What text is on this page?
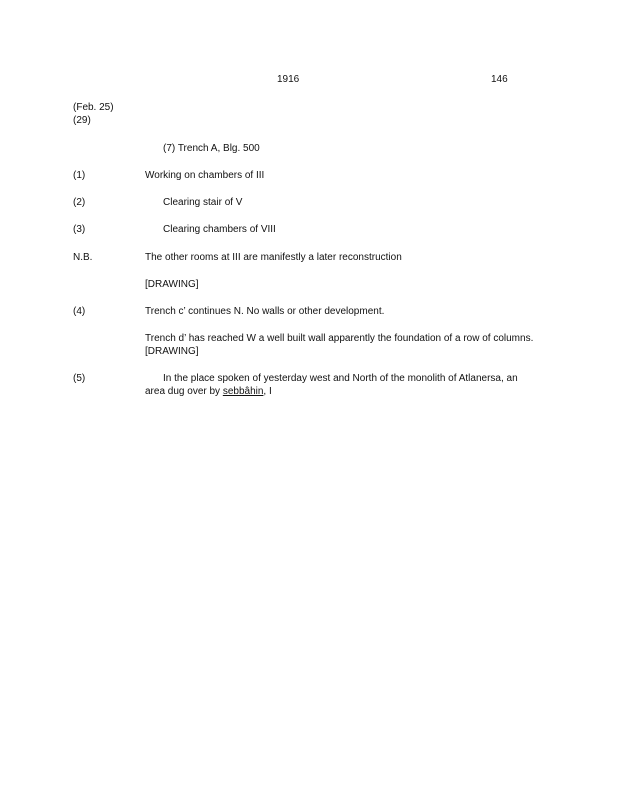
1916	146
(Feb. 25)
(29)
(7) Trench A, Blg. 500
(1)	Working on chambers of III
(2)	Clearing stair of V
(3)	Clearing chambers of VIII
N.B.	The other rooms at III are manifestly a later reconstruction
[DRAWING]
(4)	Trench c’ continues N. No walls or other development.
Trench d’ has reached W a well built wall apparently the foundation of a row of columns.
[DRAWING]
(5)	In the place spoken of yesterday west and North of the monolith of Atlanersa, an
area dug over by sebbâhin, I
